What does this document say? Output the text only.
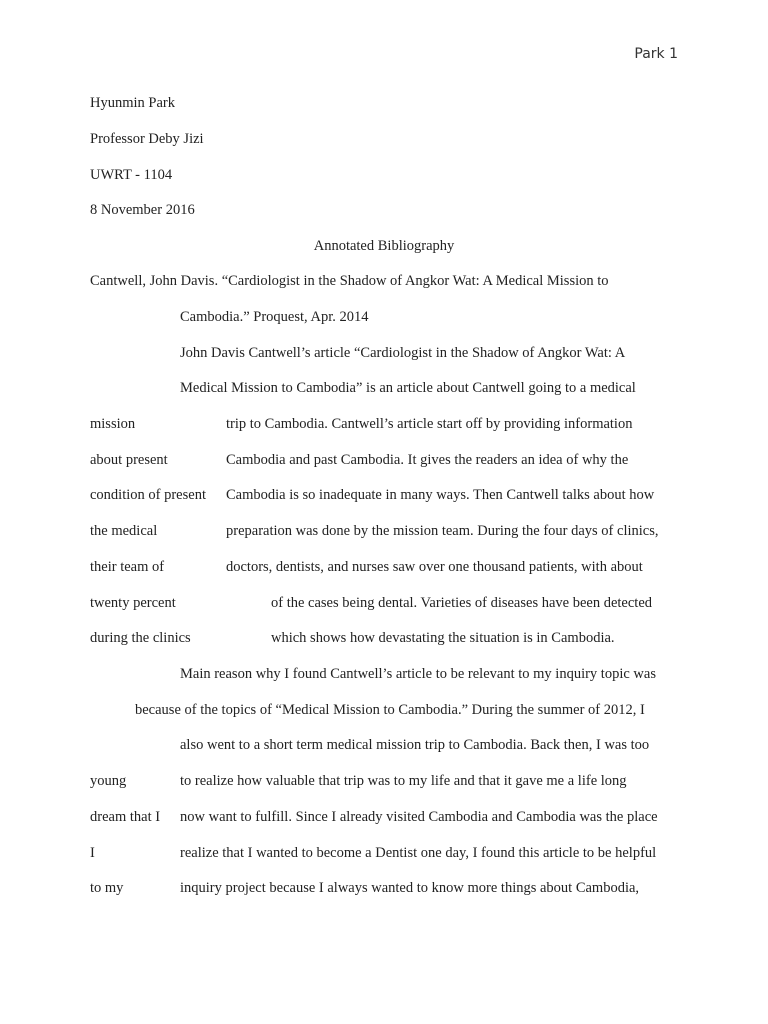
Park 1
Hyunmin Park
Professor Deby Jizi
UWRT - 1104
8 November 2016
Annotated Bibliography
Cantwell, John Davis. “Cardiologist in the Shadow of Angkor Wat: A Medical Mission to
Cambodia.” Proquest, Apr. 2014
John Davis Cantwell’s article “Cardiologist in the Shadow of Angkor Wat: A
Medical Mission to Cambodia” is an article about Cantwell going to a medical
mission	trip to Cambodia. Cantwell’s article start off by providing information
about present	Cambodia and past Cambodia. It gives the readers an idea of why the
condition of present Cambodia is so inadequate in many ways. Then Cantwell talks about how
the medical	preparation was done by the mission team. During the four days of clinics,
their team of	doctors, dentists, and nurses saw over one thousand patients, with about
twenty percent	of the cases being dental. Varieties of diseases have been detected
during the clinics	which shows how devastating the situation is in Cambodia.
Main reason why I found Cantwell’s article to be relevant to my inquiry topic was
because of the topics of “Medical Mission to Cambodia.” During the summer of 2012, I
also went to a short term medical mission trip to Cambodia. Back then, I was too
young	to realize how valuable that trip was to my life and that it gave me a life long
dream that I now want to fulfill. Since I already visited Cambodia and Cambodia was the place
I	realize that I wanted to become a Dentist one day, I found this article to be helpful
to my	inquiry project because I always wanted to know more things about Cambodia,
